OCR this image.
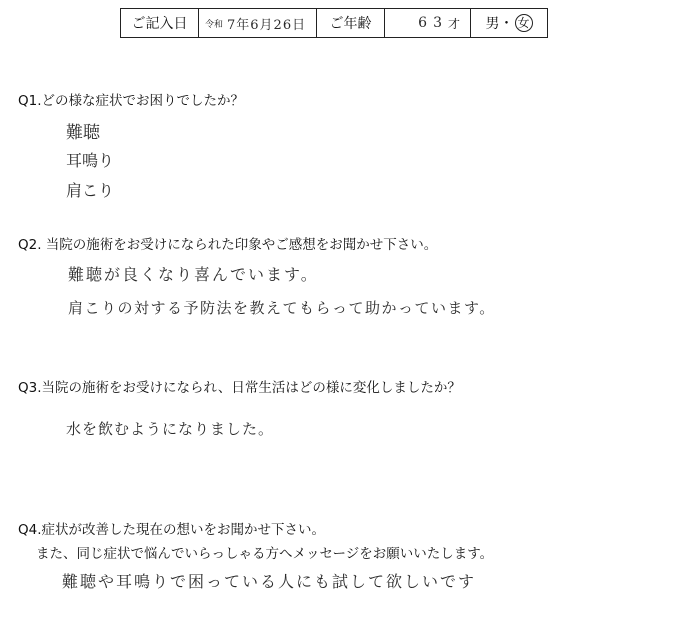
ご記入日	令和 7年6月26日	ご年齢	63 才 男 ・ 女
Q1.どの様な症状でお困りでしたか？
難聴
耳鳴り
肩こり
Q2. 当院の施術をお受けになられた印象やご感想をお聞かせ下さい。
難聴が良くなり喜んでいます。
肩こりの対する予防法を教えてもらって助かっています。
Q3.当院の施術をお受けになられ、日常生活はどの様に変化しましたか？
水を飲むようになりました。
Q4.症状が改善した現在の想いをお聞かせ下さい。
また、同じ症状で悩んでいらっしゃる方へメッセージをお願いいたします。
難聴や耳鳴りで困っている人にも試して欲しいです
